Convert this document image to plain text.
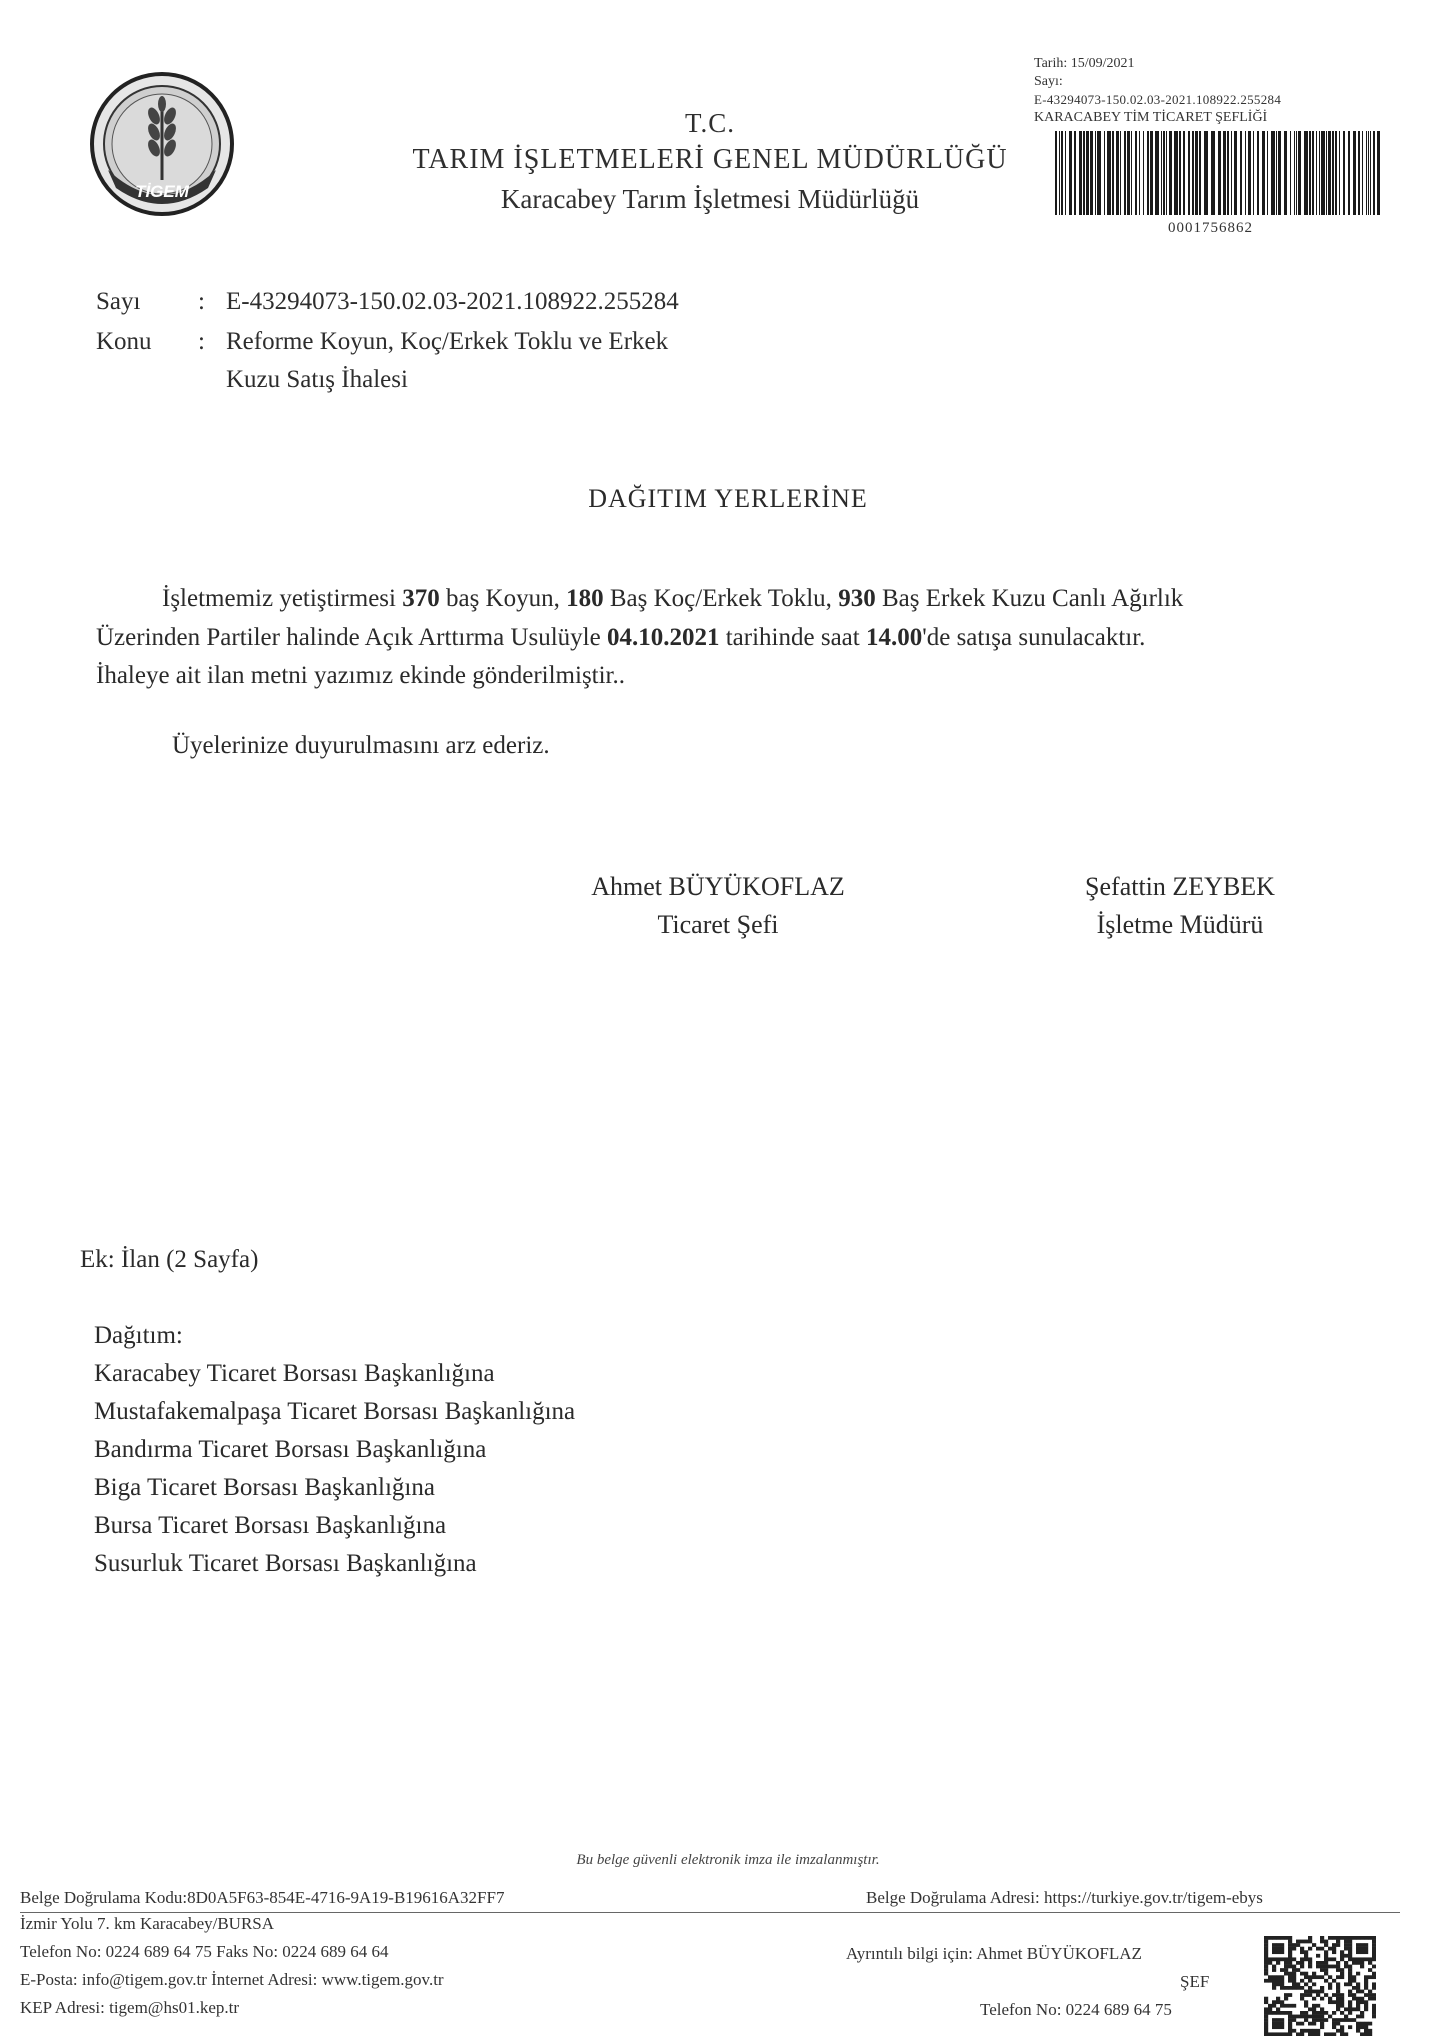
TİGEM
T.C.
TARIM İŞLETMELERİ GENEL MÜDÜRLÜĞÜ
Karacabey Tarım İşletmesi Müdürlüğü
Tarih: 15/09/2021
Sayı:
E-43294073-150.02.03-2021.108922.255284
KARACABEY TİM TİCARET ŞEFLİĞİ
0001756862
Sayı : E-43294073-150.02.03-2021.108922.255284
Konu : Reforme Koyun, Koç/Erkek Toklu ve Erkek
Kuzu Satış İhalesi
DAĞITIM YERLERİNE
İşletmemiz yetiştirmesi 370 baş Koyun, 180 Baş Koç/Erkek Toklu, 930 Baş Erkek Kuzu Canlı Ağırlık
Üzerinden Partiler halinde Açık Arttırma Usulüyle 04.10.2021 tarihinde saat 14.00'de satışa sunulacaktır.
İhaleye ait ilan metni yazımız ekinde gönderilmiştir..
Üyelerinize duyurulmasını arz ederiz.
Ahmet BÜYÜKOFLAZ
Ticaret Şefi
Şefattin ZEYBEK
İşletme Müdürü
Ek: İlan (2 Sayfa)
Dağıtım:
Karacabey Ticaret Borsası Başkanlığına
Mustafakemalpaşa Ticaret Borsası Başkanlığına
Bandırma Ticaret Borsası Başkanlığına
Biga Ticaret Borsası Başkanlığına
Bursa Ticaret Borsası Başkanlığına
Susurluk Ticaret Borsası Başkanlığına
Bu belge güvenli elektronik imza ile imzalanmıştır.
Belge Doğrulama Kodu:8D0A5F63-854E-4716-9A19-B19616A32FF7	Belge Doğrulama Adresi: https://turkiye.gov.tr/tigem-ebys
İzmir Yolu 7. km Karacabey/BURSA
Telefon No: 0224 689 64 75 Faks No: 0224 689 64 64
E-Posta: info@tigem.gov.tr İnternet Adresi: www.tigem.gov.tr
KEP Adresi: tigem@hs01.kep.tr
Ayrıntılı bilgi için: Ahmet BÜYÜKOFLAZ
ŞEF
Telefon No: 0224 689 64 75
